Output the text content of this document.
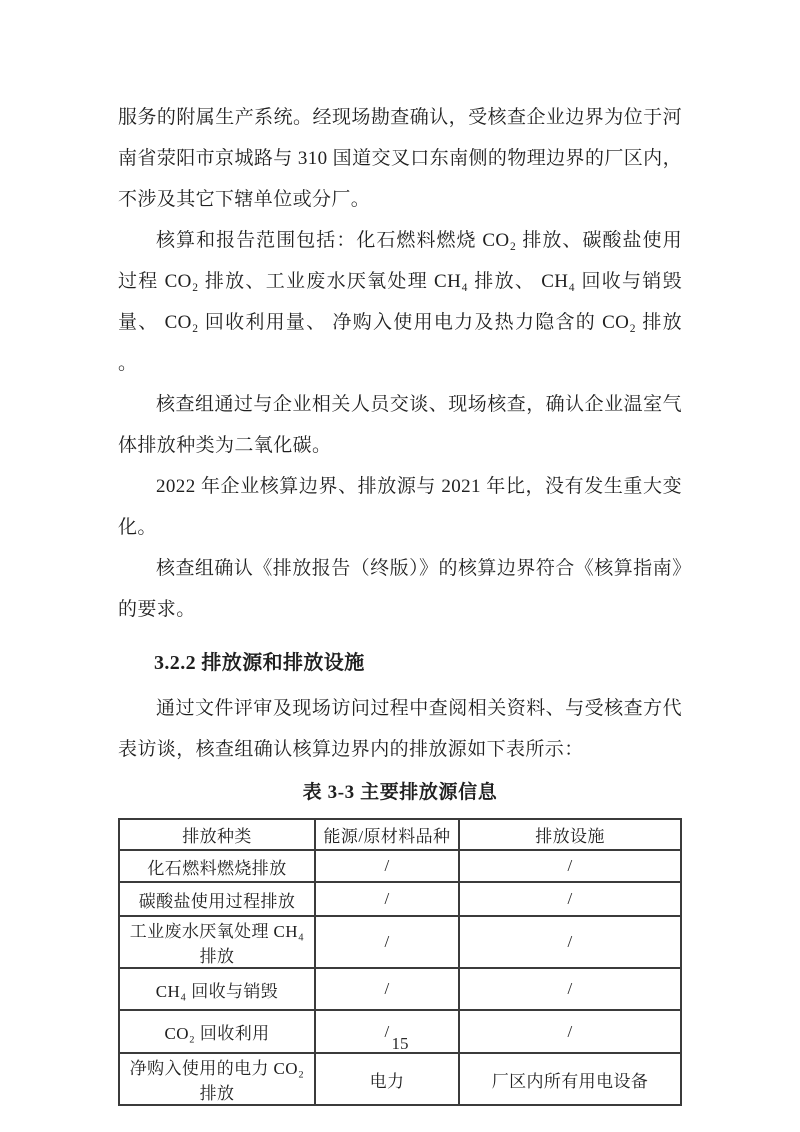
服务的附属生产系统。经现场勘查确认，受核查企业边界为位于河南省荥阳市京城路与 310 国道交叉口东南侧的物理边界的厂区内，不涉及其它下辖单位或分厂。

核算和报告范围包括：化石燃料燃烧 CO₂ 排放、碳酸盐使用过程 CO₂ 排放、工业废水厌氧处理 CH₄ 排放、 CH₄ 回收与销毁量、 CO₂ 回收利用量、 净购入使用电力及热力隐含的 CO₂ 排放 。

核查组通过与企业相关人员交谈、现场核查，确认企业温室气体排放种类为二氧化碳。

2022 年企业核算边界、排放源与 2021 年比，没有发生重大变化。

核查组确认《排放报告（终版）》的核算边界符合《核算指南》的要求。

3.2.2 排放源和排放设施

通过文件评审及现场访问过程中查阅相关资料、与受核查方代表访谈，核查组确认核算边界内的排放源如下表所示：

表 3-3 主要排放源信息
排放种类	能源/原材料品种	排放设施
化石燃料燃烧排放	/	/
碳酸盐使用过程排放	/	/
工业废水厌氧处理 CH₄ 排放	/	/
CH₄ 回收与销毁	/	/
CO₂ 回收利用	/	/
净购入使用的电力 CO₂ 排放	电力	厂区内所有用电设备
15
